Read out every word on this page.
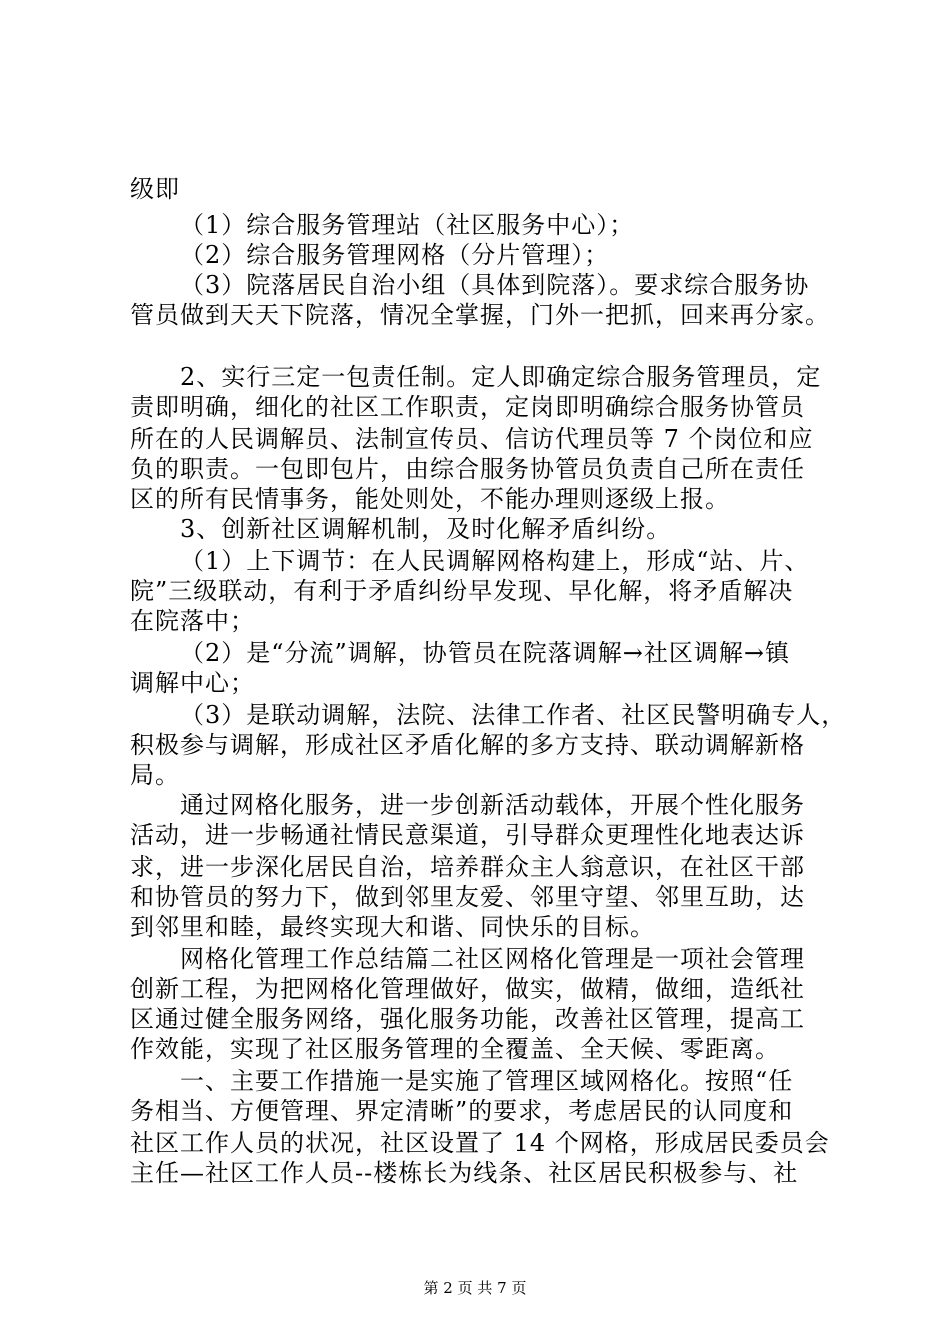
级即
（1）综合服务管理站（社区服务中心）；
（2）综合服务管理网格（分片管理）；
（3）院落居民自治小组（具体到院落）。要求综合服务协
管员做到天天下院落，情况全掌握，门外一把抓，回来再分家。
2、实行三定一包责任制。定人即确定综合服务管理员，定
责即明确，细化的社区工作职责，定岗即明确综合服务协管员
所在的人民调解员、法制宣传员、信访代理员等 7 个岗位和应
负的职责。一包即包片，由综合服务协管员负责自己所在责任
区的所有民情事务，能处则处，不能办理则逐级上报。
3、创新社区调解机制，及时化解矛盾纠纷。
（1）上下调节：在人民调解网格构建上，形成“站、片、
院”三级联动，有利于矛盾纠纷早发现、早化解，将矛盾解决
在院落中；
（2）是“分流”调解，协管员在院落调解→社区调解→镇
调解中心；
（3）是联动调解，法院、法律工作者、社区民警明确专人，
积极参与调解，形成社区矛盾化解的多方支持、联动调解新格
局。
通过网格化服务，进一步创新活动载体，开展个性化服务
活动，进一步畅通社情民意渠道，引导群众更理性化地表达诉
求，进一步深化居民自治，培养群众主人翁意识，在社区干部
和协管员的努力下，做到邻里友爱、邻里守望、邻里互助，达
到邻里和睦，最终实现大和谐、同快乐的目标。
网格化管理工作总结篇二社区网格化管理是一项社会管理
创新工程，为把网格化管理做好，做实，做精，做细，造纸社
区通过健全服务网络，强化服务功能，改善社区管理，提高工
作效能，实现了社区服务管理的全覆盖、全天候、零距离。
一、主要工作措施一是实施了管理区域网格化。按照“任
务相当、方便管理、界定清晰”的要求，考虑居民的认同度和
社区工作人员的状况，社区设置了 14 个网格，形成居民委员会
主任—社区工作人员--楼栋长为线条、社区居民积极参与、社
第 2 页 共 7 页
